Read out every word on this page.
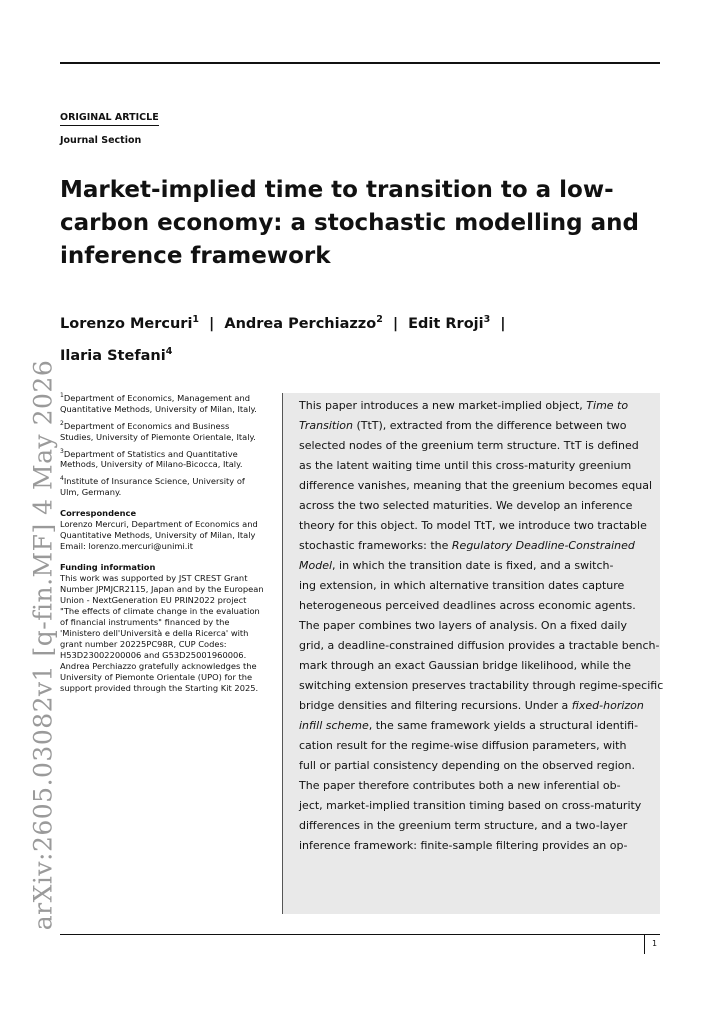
arXiv:2605.03082v1 [q-fin.MF] 4 May 2026
ORIGINAL ARTICLE
Journal Section
Market-implied time to transition to a low-carbon economy: a stochastic modelling and inference framework
Lorenzo Mercuri$^1$ | Andrea Perchiazzo$^2$ | Edit Rroji$^3$ |
Ilaria Stefani$^4$

$^1$Department of Economics, Management and Quantitative Methods, University of Milan, Italy.

$^2$Department of Economics and Business Studies, University of Piemonte Orientale, Italy.

$^3$Department of Statistics and Quantitative Methods, University of Milano-Bicocca, Italy.

$^4$Institute of Insurance Science, University of Ulm, Germany.

Correspondence

Lorenzo Mercuri, Department of Economics and Quantitative Methods, University of Milan, Italy

Email: lorenzo.mercuri@unimi.it

Funding information

This work was supported by JST CREST Grant Number JPMJCR2115, Japan and by the European Union - NextGeneration EU PRIN2022 project "The effects of climate change in the evaluation of financial instruments" financed by the 'Ministero dell'Università e della Ricerca' with grant number 20225PC98R, CUP Codes: H53D23002200006 and G53D25001960006. Andrea Perchiazzo gratefully acknowledges the University of Piemonte Orientale (UPO) for the support provided through the Starting Kit 2025.

This paper introduces a new market-implied object, Time to

Transition (TtT), extracted from the difference between two

selected nodes of the greenium term structure. TtT is defined

as the latent waiting time until this cross-maturity greenium

difference vanishes, meaning that the greenium becomes equal

across the two selected maturities. We develop an inference

theory for this object. To model TtT, we introduce two tractable

stochastic frameworks: the Regulatory Deadline-Constrained

Model, in which the transition date is fixed, and a switch-

ing extension, in which alternative transition dates capture

heterogeneous perceived deadlines across economic agents.

The paper combines two layers of analysis. On a fixed daily

grid, a deadline-constrained diffusion provides a tractable bench-

mark through an exact Gaussian bridge likelihood, while the

switching extension preserves tractability through regime-specific

bridge densities and filtering recursions. Under a fixed-horizon

infill scheme, the same framework yields a structural identifi-

cation result for the regime-wise diffusion parameters, with

full or partial consistency depending on the observed region.

The paper therefore contributes both a new inferential ob-

ject, market-implied transition timing based on cross-maturity

differences in the greenium term structure, and a two-layer

inference framework: finite-sample filtering provides an op-

1
